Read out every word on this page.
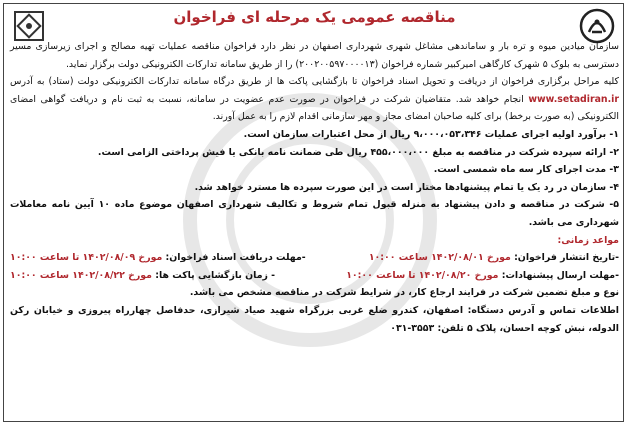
مناقصه عمومی یک مرحله ای فراخوان

سازمان میادین میوه و تره بار و ساماندهی مشاغل شهری شهرداری اصفهان در نظر دارد فراخوان مناقصه عملیات تهیه مصالح و اجرای زیرسازی مسیر دسترسی به بلوک ۵ شهرک کارگاهی امیرکبیر شماره فراخوان (۲۰۰۲۰۰۵۹۷۰۰۰۰۱۳) را از طریق سامانه تدارکات الکترونیکی دولت برگزار نماید.

کلیه مراحل برگزاری فراخوان از دریافت و تحویل اسناد فراخوان تا بازگشایی پاکت ها از طریق درگاه سامانه تدارکات الکترونیکی دولت (ستاد) به آدرس www.setadiran.ir انجام خواهد شد. متقاضیان شرکت در فراخوان در صورت عدم عضویت در سامانه، نسبت به ثبت نام و دریافت گواهی امضای الکترونیکی (به صورت برخط) برای کلیه صاحبان امضای مجاز و مهر سازمانی اقدام لازم را به عمل آورند.

۱- برآورد اولیه اجرای عملیات ۹،۰۰۰،۰۵۳،۳۴۶ ریال از محل اعتبارات سازمان است.

۲- ارائه سپرده شرکت در مناقصه به مبلغ ۴۵۵،۰۰۰،۰۰۰ ریال طی ضمانت نامه بانکی یا فیش پرداختی الزامی است.

۳- مدت اجرای کار سه ماه شمسی است.

۴- سازمان در رد یک یا تمام پیشنهادها مختار است در این صورت سپرده ها مسترد خواهد شد.

۵- شرکت در مناقصه و دادن پیشنهاد به منزله قبول تمام شروط و تکالیف شهرداری اصفهان موضوع ماده ۱۰ آیین نامه معاملات شهرداری می باشد.

مواعد زمانی:

-تاریخ انتشار فراخوان: مورخ ۱۴۰۲/۰۸/۰۱ ساعت ۱۰:۰۰
-مهلت دریافت اسناد فراخوان: مورخ ۱۴۰۲/۰۸/۰۹ تا ساعت ۱۰:۰۰
-مهلت ارسال پیشنهادات: مورخ ۱۴۰۲/۰۸/۲۰ تا ساعت ۱۰:۰۰
- زمان بازگشایی پاکت ها: مورخ ۱۴۰۲/۰۸/۲۲ ساعت ۱۰:۰۰

نوع و مبلغ تضمین شرکت در فرایند ارجاع کار، در شرایط شرکت در مناقصه مشخص می باشد.

اطلاعات تماس و آدرس دستگاه: اصفهان، کندرو ضلع غربی بزرگراه شهید صیاد شیرازی، حدفاصل چهارراه پیروزی و خیابان رکن الدوله، نبش کوچه احسان، پلاک ۵ تلفن: ۳۵۵۳-۰۳۱
